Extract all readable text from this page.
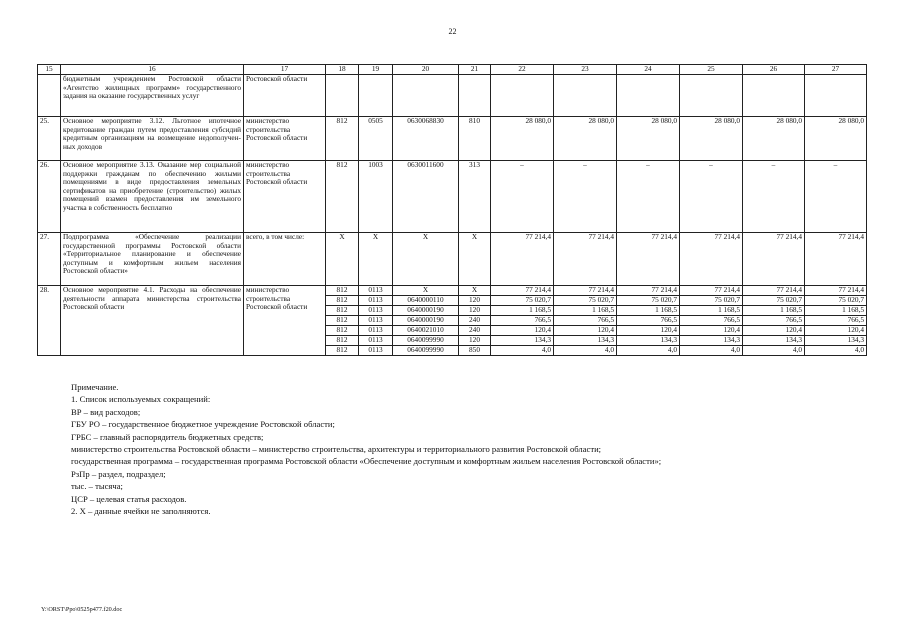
22
15	16	17	18	19	20	21	22	23	24	25	26	27
	бюджетным учреждением Ростовской области «Агентство жилищных программ» государственного задания на оказание государственных услуг	Ростовской области										
25.	Основное мероприятие 3.12. Льготное ипотечное кредитование граждан путем предоставления субсидий кредитным организациям на возмещение недополучен-ных доходов	министерство строительства Ростовской области	812	0505	0630068830	810	28 080,0	28 080,0	28 080,0	28 080,0	28 080,0	28 080,0
26.	Основное мероприятие 3.13. Оказание мер социальной поддержки гражданам по обеспечению жилыми помещениями в виде предоставления земельных сертификатов на приобретение (строительство) жилых помещений взамен предоставления им земельного участка в собственность бесплатно	министерство строительства Ростовской области	812	1003	0630011600	313	–	–	–	–	–	–
27.	Подпрограмма «Обеспечение реализации государственной программы Ростовской области «Территориальное планирование и обеспечение доступным и комфортным жильем населения Ростовской области»	всего, в том числе:	X	X	X	X	77 214,4	77 214,4	77 214,4	77 214,4	77 214,4	77 214,4
28.	Основное мероприятие 4.1. Расходы на обеспечение деятельности аппарата министерства строительства Ростовской области	министерство строительства Ростовской области	812	0113	X	X	77 214,4	77 214,4	77 214,4	77 214,4	77 214,4	77 214,4
			812	0113	0640000110	120	75 020,7	75 020,7	75 020,7	75 020,7	75 020,7	75 020,7
			812	0113	0640000190	120	1 168,5	1 168,5	1 168,5	1 168,5	1 168,5	1 168,5
			812	0113	0640000190	240	766,5	766,5	766,5	766,5	766,5	766,5
			812	0113	0640021010	240	120,4	120,4	120,4	120,4	120,4	120,4
			812	0113	0640099990	120	134,3	134,3	134,3	134,3	134,3	134,3
			812	0113	0640099990	850	4,0	4,0	4,0	4,0	4,0	4,0
Примечание.
1. Список используемых сокращений:
ВР – вид расходов;
ГБУ РО – государственное бюджетное учреждение Ростовской области;
ГРБС – главный распорядитель бюджетных средств;
министерство строительства Ростовской области – министерство строительства, архитектуры и территориального развития Ростовской области;
государственная программа – государственная программа Ростовской области «Обеспечение доступным и комфортным жильем населения Ростовской области»;
РзПр – раздел, подраздел;
тыс. – тысяча;
ЦСР – целевая статья расходов.
2. Х – данные ячейки не заполняются.
Y:\ORST\Ppo\0525p477.f20.doc
